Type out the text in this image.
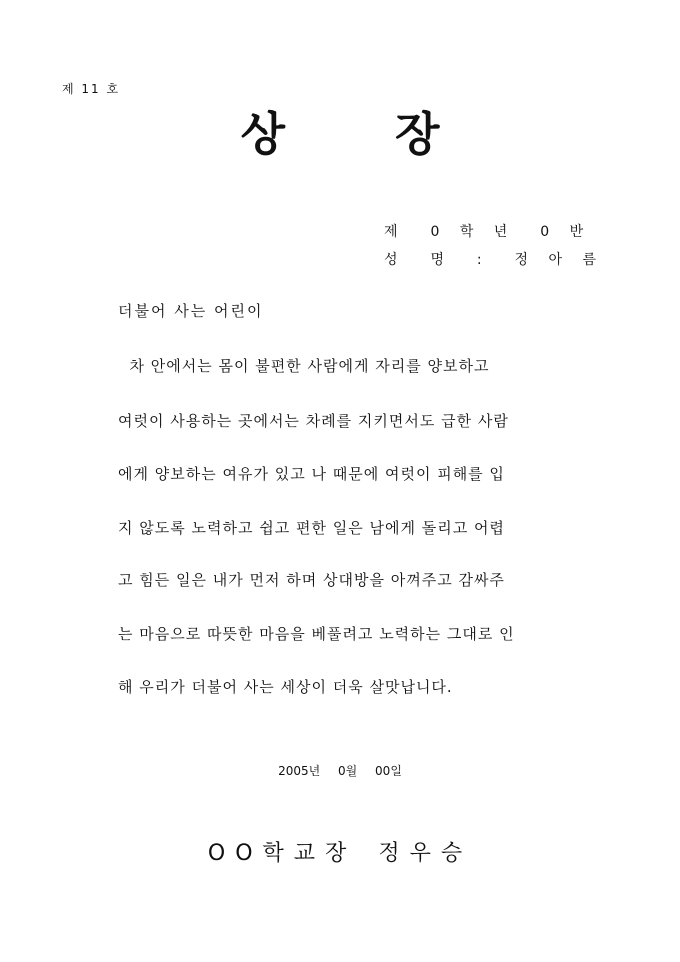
제 11 호
상 장
제  0 학 년  0 반
성  명  :  정 아 름
더불어 사는 어린이
차 안에서는 몸이 불편한 사람에게 자리를 양보하고
여럿이 사용하는 곳에서는 차례를 지키면서도 급한 사람
에게 양보하는 여유가 있고 나 때문에 여럿이 피해를 입
지 않도록 노력하고 쉽고 편한 일은 남에게 돌리고 어렵
고 힘든 일은 내가 먼저 하며 상대방을 아껴주고 감싸주
는 마음으로 따뜻한 마음을 베풀려고 노력하는 그대로 인
해 우리가 더불어 사는 세상이 더욱 살맛납니다.
2005년 0월 00일
OO학교장 정우승
